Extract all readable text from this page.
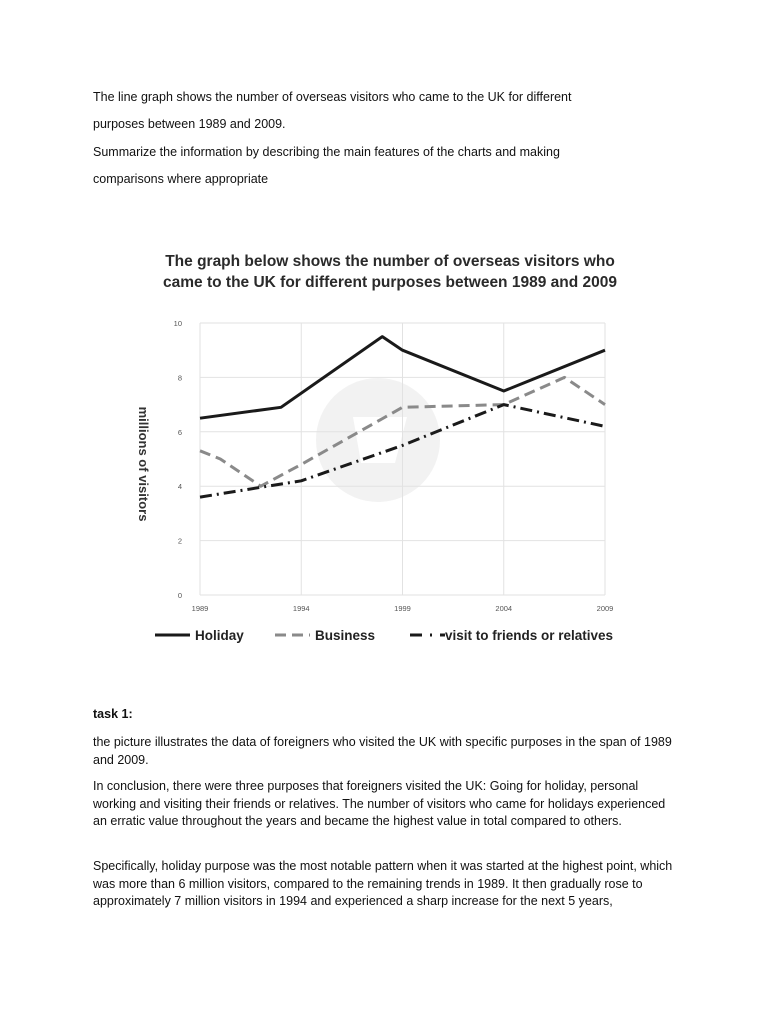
The line graph shows the number of overseas visitors who came to the UK for different

purposes between 1989 and 2009.

Summarize the information by describing the main features of the charts and making

comparisons where appropriate

The graph below shows the number of overseas visitors who
came to the UK for different purposes between 1989 and 2009
0
2
4
6
8
10
1989	1994	1999	2004	2009
millions of visitors
Holiday	Business	visit to friends or relatives
task 1:

the picture illustrates the data of foreigners who visited the UK with specific purposes in the span of 1989 and 2009.

In conclusion, there were three purposes that foreigners visited the UK: Going for holiday, personal working and visiting their friends or relatives. The number of visitors who came for holidays experienced an erratic value throughout the years and became the highest value in total compared to others.

Specifically, holiday purpose was the most notable pattern when it was started at the highest point, which was more than 6 million visitors, compared to the remaining trends in 1989. It then gradually rose to approximately 7 million visitors in 1994 and experienced a sharp increase for the next 5 years,
